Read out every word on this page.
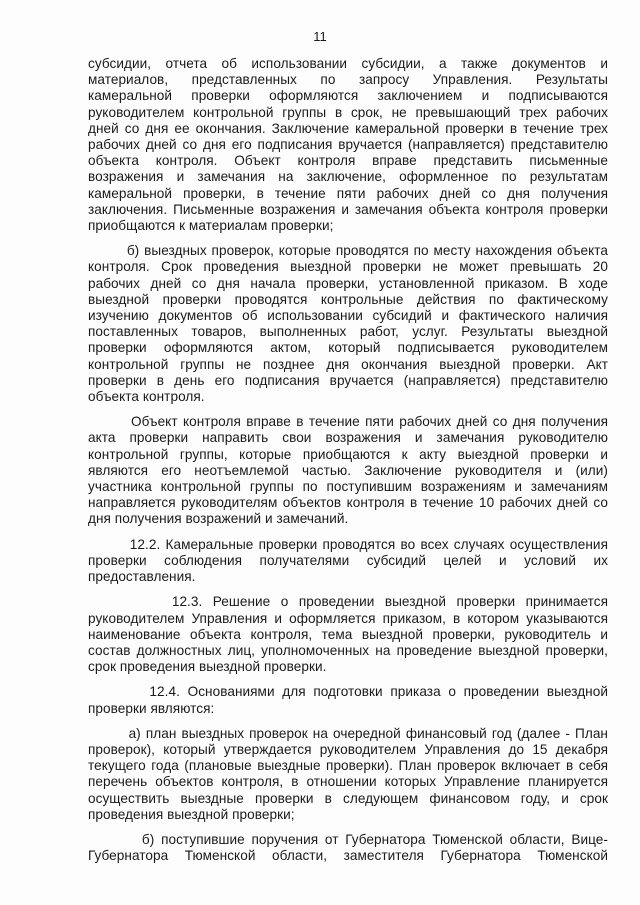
11

субсидии, отчета об использовании субсидии, а также документов и
материалов, представленных по запросу Управления. Результаты
камеральной проверки оформляются заключением и подписываются
руководителем контрольной группы в срок, не превышающий трех рабочих
дней со дня ее окончания. Заключение камеральной проверки в течение трех
рабочих дней со дня его подписания вручается (направляется) представителю
объекта контроля. Объект контроля вправе представить письменные
возражения и замечания на заключение, оформленное по результатам
камеральной проверки, в течение пяти рабочих дней со дня получения
заключения. Письменные возражения и замечания объекта контроля проверки
приобщаются к материалам проверки;

б) выездных проверок, которые проводятся по месту нахождения объекта
контроля. Срок проведения выездной проверки не может превышать 20
рабочих дней со дня начала проверки, установленной приказом. В ходе
выездной проверки проводятся контрольные действия по фактическому
изучению документов об использовании субсидий и фактического наличия
поставленных товаров, выполненных работ, услуг. Результаты выездной
проверки оформляются актом, который подписывается руководителем
контрольной группы не позднее дня окончания выездной проверки. Акт
проверки в день его подписания вручается (направляется) представителю
объекта контроля.

Объект контроля вправе в течение пяти рабочих дней со дня получения
акта проверки направить свои возражения и замечания руководителю
контрольной группы, которые приобщаются к акту выездной проверки и
являются его неотъемлемой частью. Заключение руководителя и (или)
участника контрольной группы по поступившим возражениям и замечаниям
направляется руководителям объектов контроля в течение 10 рабочих дней со
дня получения возражений и замечаний.

12.2. Камеральные проверки проводятся во всех случаях осуществления
проверки соблюдения получателями субсидий целей и условий их
предоставления.

12.3. Решение о проведении выездной проверки принимается
руководителем Управления и оформляется приказом, в котором указываются
наименование объекта контроля, тема выездной проверки, руководитель и
состав должностных лиц, уполномоченных на проведение выездной проверки,
срок проведения выездной проверки.

12.4. Основаниями для подготовки приказа о проведении выездной
проверки являются:

а) план выездных проверок на очередной финансовый год (далее - План
проверок), который утверждается руководителем Управления до 15 декабря
текущего года (плановые выездные проверки). План проверок включает в себя
перечень объектов контроля, в отношении которых Управление планируется
осуществить выездные проверки в следующем финансовом году, и срок
проведения выездной проверки;

б) поступившие поручения от Губернатора Тюменской области, Вице-
Губернатора Тюменской области, заместителя Губернатора Тюменской
